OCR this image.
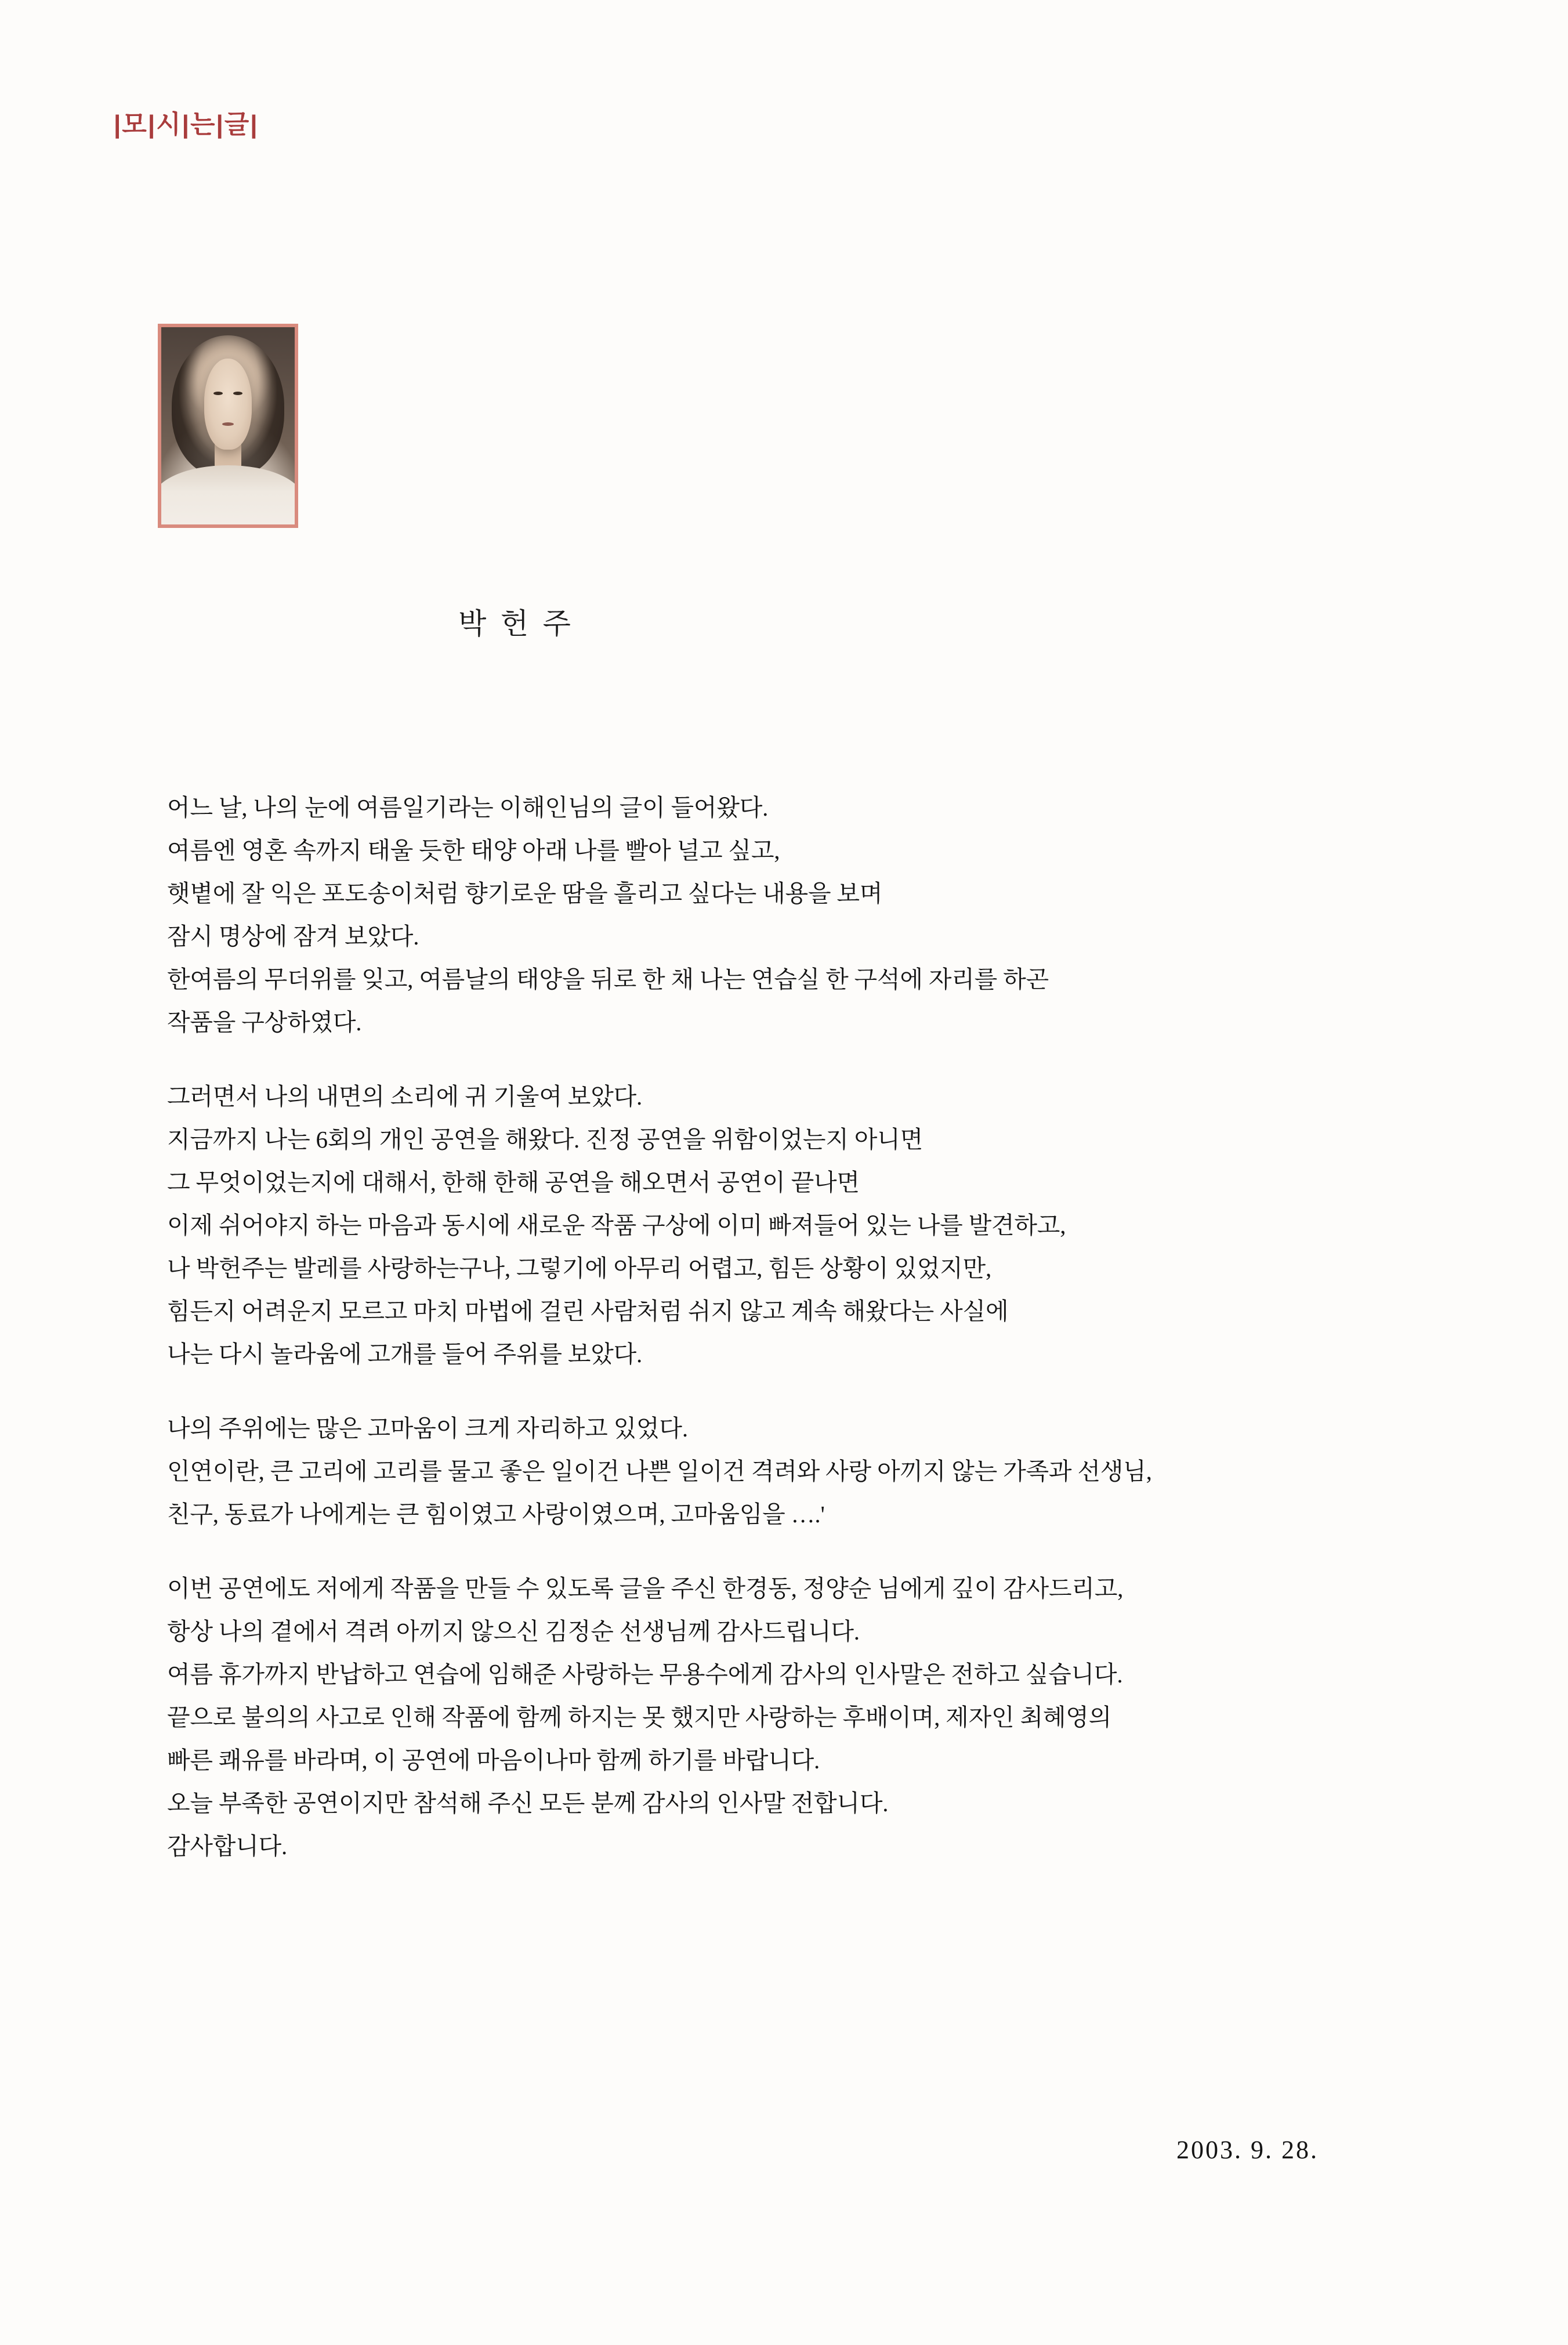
|모|시|는|글|
박 헌 주
어느 날, 나의 눈에 여름일기라는 이해인님의 글이 들어왔다.
여름엔 영혼 속까지 태울 듯한 태양 아래 나를 빨아 널고 싶고,
햇볕에 잘 익은 포도송이처럼 향기로운 땀을 흘리고 싶다는 내용을 보며
잠시 명상에 잠겨 보았다.
한여름의 무더위를 잊고, 여름날의 태양을 뒤로 한 채 나는 연습실 한 구석에 자리를 하곤
작품을 구상하였다.
그러면서 나의 내면의 소리에 귀 기울여 보았다.
지금까지 나는 6회의 개인 공연을 해왔다. 진정 공연을 위함이었는지 아니면
그 무엇이었는지에 대해서, 한해 한해 공연을 해오면서 공연이 끝나면
이제 쉬어야지 하는 마음과 동시에 새로운 작품 구상에 이미 빠져들어 있는 나를 발견하고,
나 박헌주는 발레를 사랑하는구나, 그렇기에 아무리 어렵고, 힘든 상황이 있었지만,
힘든지 어려운지 모르고 마치 마법에 걸린 사람처럼 쉬지 않고 계속 해왔다는 사실에
나는 다시 놀라움에 고개를 들어 주위를 보았다.
나의 주위에는 많은 고마움이 크게 자리하고 있었다.
인연이란, 큰 고리에 고리를 물고 좋은 일이건 나쁜 일이건 격려와 사랑 아끼지 않는 가족과 선생님,
친구, 동료가 나에게는 큰 힘이였고 사랑이였으며, 고마움임을 ….'
이번 공연에도 저에게 작품을 만들 수 있도록 글을 주신 한경동, 정양순 님에게 깊이 감사드리고,
항상 나의 곁에서 격려 아끼지 않으신 김정순 선생님께 감사드립니다.
여름 휴가까지 반납하고 연습에 임해준 사랑하는 무용수에게 감사의 인사말은 전하고 싶습니다.
끝으로 불의의 사고로 인해 작품에 함께 하지는 못 했지만 사랑하는 후배이며, 제자인 최혜영의
빠른 쾌유를 바라며, 이 공연에 마음이나마 함께 하기를 바랍니다.
오늘 부족한 공연이지만 참석해 주신 모든 분께 감사의 인사말 전합니다.
감사합니다.
2003. 9. 28.
